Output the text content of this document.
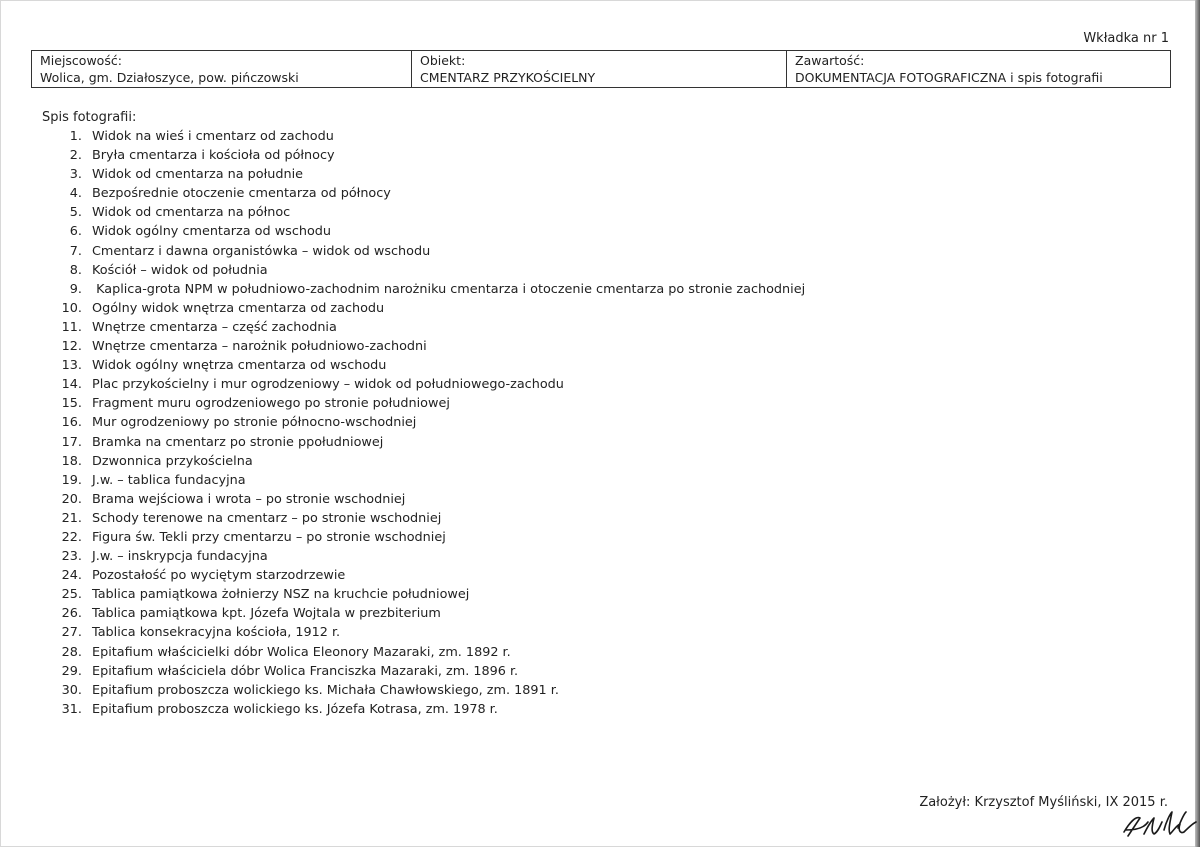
Wkładka nr 1
Miejscowość:
Wolica, gm. Działoszyce, pow. pińczowski

Obiekt:
CMENTARZ PRZYKOŚCIELNY

Zawartość:
DOKUMENTACJA FOTOGRAFICZNA i spis fotografii
Spis fotografii:
1. Widok na wieś i cmentarz od zachodu
2. Bryła cmentarza i kościoła od północy
3. Widok od cmentarza na południe
4. Bezpośrednie otoczenie cmentarza od północy
5. Widok od cmentarza na północ
6. Widok ogólny cmentarza od wschodu
7. Cmentarz i dawna organistówka – widok od wschodu
8. Kościół – widok od południa
9. Kaplica-grota NPM w południowo-zachodnim narożniku cmentarza i otoczenie cmentarza po stronie zachodniej
10. Ogólny widok wnętrza cmentarza od zachodu
11. Wnętrze cmentarza – część zachodnia
12. Wnętrze cmentarza – narożnik południowo-zachodni
13. Widok ogólny wnętrza cmentarza od wschodu
14. Plac przykościelny i mur ogrodzeniowy – widok od południowego-zachodu
15. Fragment muru ogrodzeniowego po stronie południowej
16. Mur ogrodzeniowy po stronie północno-wschodniej
17. Bramka na cmentarz po stronie ppołudniowej
18. Dzwonnica przykościelna
19. J.w. – tablica fundacyjna
20. Brama wejściowa i wrota – po stronie wschodniej
21. Schody terenowe na cmentarz – po stronie wschodniej
22. Figura św. Tekli przy cmentarzu – po stronie wschodniej
23. J.w. – inskrypcja fundacyjna
24. Pozostałość po wyciętym starzodrzewie
25. Tablica pamiątkowa żołnierzy NSZ na kruchcie południowej
26. Tablica pamiątkowa kpt. Józefa Wojtala w prezbiterium
27. Tablica konsekracyjna kościoła, 1912 r.
28. Epitafium właścicielki dóbr Wolica Eleonory Mazaraki, zm. 1892 r.
29. Epitafium właściciela dóbr Wolica Franciszka Mazaraki, zm. 1896 r.
30. Epitafium proboszcza wolickiego ks. Michała Chawłowskiego, zm. 1891 r.
31. Epitafium proboszcza wolickiego ks. Józefa Kotrasa, zm. 1978 r.
Założył: Krzysztof Myśliński, IX 2015 r.
